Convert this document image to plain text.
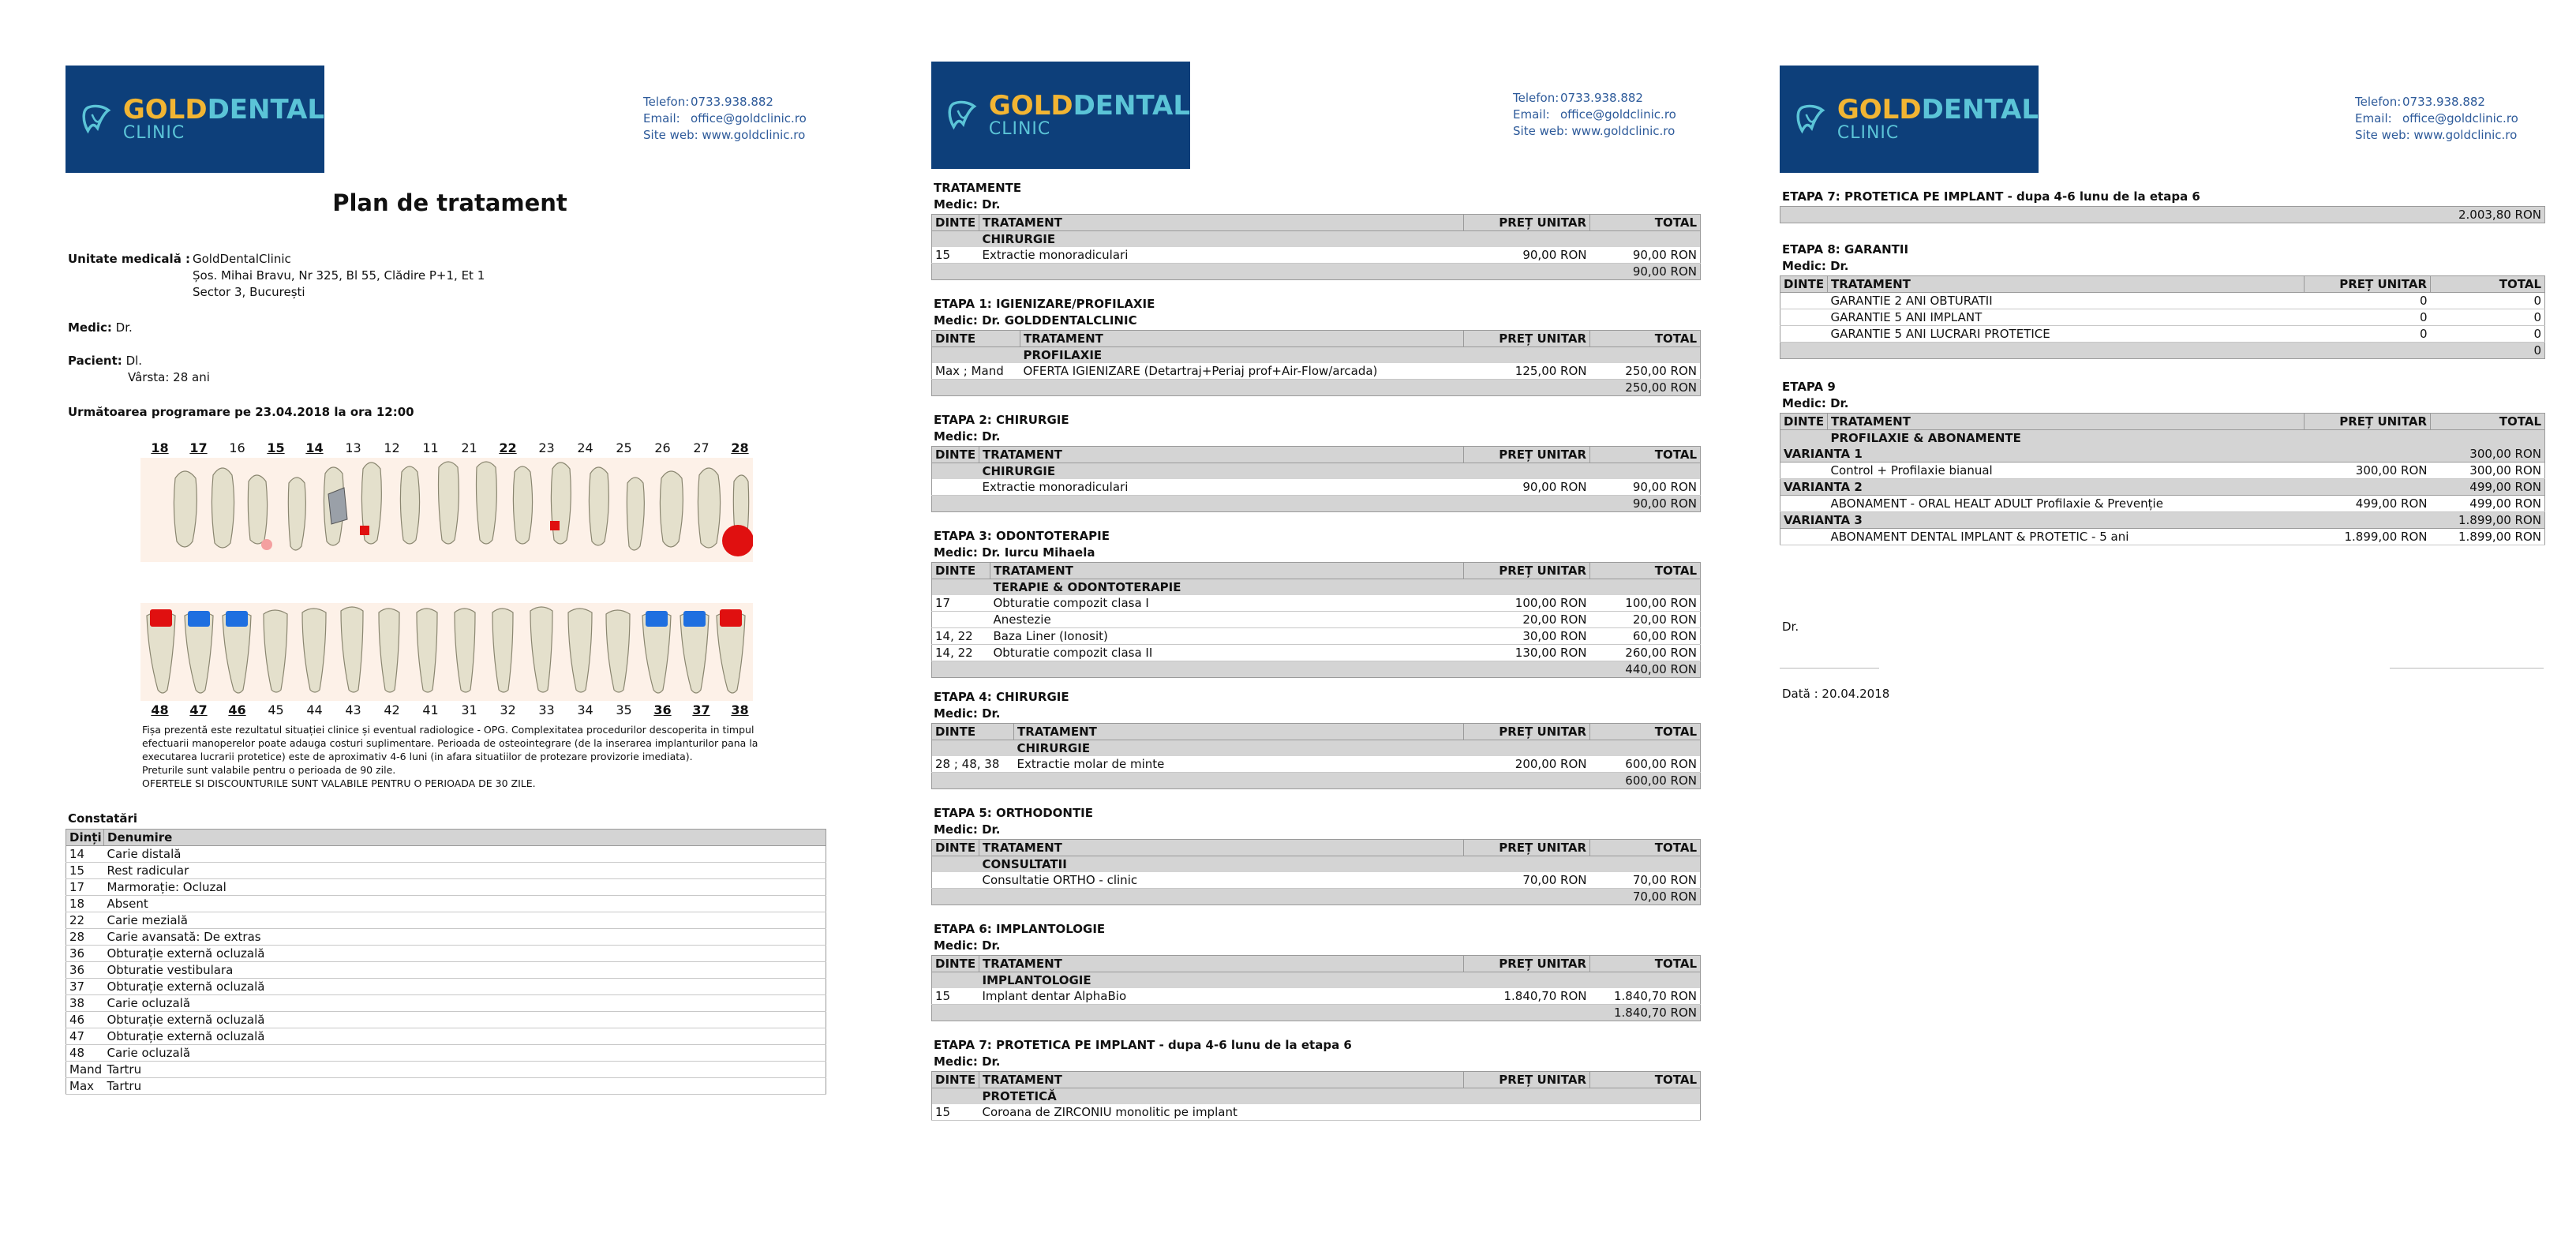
GOLDDENTAL
CLINIC
Telefon: 0733.938.882
Email: office@goldclinic.ro
Site web: www.goldclinic.ro
Plan de tratament
Unitate medicală : GoldDentalClinic
Șos. Mihai Bravu, Nr 325, Bl 55, Clădire P+1, Et 1
Sector 3, București
Medic: Dr.
Pacient: Dl.
Vârsta: 28 ani
Următoarea programare pe 23.04.2018 la ora 12:00
18	17	16	15	14	13	12	11	21	22	23	24	25	26	27	28
48	47	46	45	44	43	42	41	31	32	33	34	35	36	37	38
Fișa prezentă este rezultatul situației clinice și eventual radiologice - OPG. Complexitatea procedurilor descoperita in timpul
efectuarii manoperelor poate adauga costuri suplimentare. Perioada de osteointegrare (de la inserarea implanturilor pana la
executarea lucrarii protetice) este de aproximativ 4-6 luni (in afara situatiilor de protezare provizorie imediata).
Preturile sunt valabile pentru o perioada de 90 zile.
OFERTELE SI DISCOUNTURILE SUNT VALABILE PENTRU O PERIOADA DE 30 ZILE.
Constatări
Dinți	Denumire
14	Carie distală
15	Rest radicular
17	Marmorație: Ocluzal
18	Absent
22	Carie mezială
28	Carie avansată: De extras
36	Obturație externă ocluzală
36	Obturatie vestibulara
37	Obturație externă ocluzală
38	Carie ocluzală
46	Obturație externă ocluzală
47	Obturație externă ocluzală
48	Carie ocluzală
Mand	Tartru
Max	Tartru
GOLDDENTAL
CLINIC
Telefon: 0733.938.882
Email: office@goldclinic.ro
Site web: www.goldclinic.ro
TRATAMENTE
Medic: Dr.
DINTE	TRATAMENT	PREȚ UNITAR	TOTAL
	CHIRURGIE		
15	Extractie monoradiculari	90,00 RON	90,00 RON
90,00 RON			
ETAPA 1: IGIENIZARE/PROFILAXIE
Medic: Dr. GOLDDENTALCLINIC
DINTE	TRATAMENT	PREȚ UNITAR	TOTAL
	PROFILAXIE		
Max ; Mand	OFERTA IGIENIZARE (Detartraj+Periaj prof+Air-Flow/arcada)	125,00 RON	250,00 RON
250,00 RON			
ETAPA 2: CHIRURGIE
Medic: Dr.
DINTE	TRATAMENT	PREȚ UNITAR	TOTAL
	CHIRURGIE		
	Extractie monoradiculari	90,00 RON	90,00 RON
90,00 RON			
ETAPA 3: ODONTOTERAPIE
Medic: Dr. Iurcu Mihaela
DINTE	TRATAMENT	PREȚ UNITAR	TOTAL
	TERAPIE & ODONTOTERAPIE		
17	Obturatie compozit clasa I	100,00 RON	100,00 RON
	Anestezie	20,00 RON	20,00 RON
14, 22	Baza Liner (Ionosit)	30,00 RON	60,00 RON
14, 22	Obturatie compozit clasa II	130,00 RON	260,00 RON
440,00 RON			
ETAPA 4: CHIRURGIE
Medic: Dr.
DINTE	TRATAMENT	PREȚ UNITAR	TOTAL
	CHIRURGIE		
28 ; 48, 38	Extractie molar de minte	200,00 RON	600,00 RON
600,00 RON			
ETAPA 5: ORTHODONTIE
Medic: Dr.
DINTE	TRATAMENT	PREȚ UNITAR	TOTAL
	CONSULTATII		
	Consultatie ORTHO - clinic	70,00 RON	70,00 RON
70,00 RON			
ETAPA 6: IMPLANTOLOGIE
Medic: Dr.
DINTE	TRATAMENT	PREȚ UNITAR	TOTAL
	IMPLANTOLOGIE		
15	Implant dentar AlphaBio	1.840,70 RON	1.840,70 RON
1.840,70 RON			
ETAPA 7: PROTETICA PE IMPLANT - dupa 4-6 lunu de la etapa 6
Medic: Dr.
DINTE	TRATAMENT	PREȚ UNITAR	TOTAL
	PROTETICĂ		
15	Coroana de ZIRCONIU monolitic pe implant		
GOLDDENTAL
CLINIC
Telefon: 0733.938.882
Email: office@goldclinic.ro
Site web: www.goldclinic.ro
ETAPA 7: PROTETICA PE IMPLANT - dupa 4-6 lunu de la etapa 6
2.003,80 RON
ETAPA 8: GARANTII
Medic: Dr.
DINTE	TRATAMENT	PREȚ UNITAR	TOTAL
	GARANTIE 2 ANI OBTURATII	0	0
	GARANTIE 5 ANI IMPLANT	0	0
	GARANTIE 5 ANI LUCRARI PROTETICE	0	0
0			
ETAPA 9
Medic: Dr.
DINTE	TRATAMENT	PREȚ UNITAR	TOTAL
	PROFILAXIE & ABONAMENTE		
VARIANTA 1		300,00 RON	
	Control + Profilaxie bianual	300,00 RON	300,00 RON
VARIANTA 2		499,00 RON	
	ABONAMENT - ORAL HEALT ADULT Profilaxie & Prevenție	499,00 RON	499,00 RON
VARIANTA 3		1.899,00 RON	
	ABONAMENT DENTAL IMPLANT & PROTETIC - 5 ani	1.899,00 RON	1.899,00 RON
Dr.
Dată : 20.04.2018
